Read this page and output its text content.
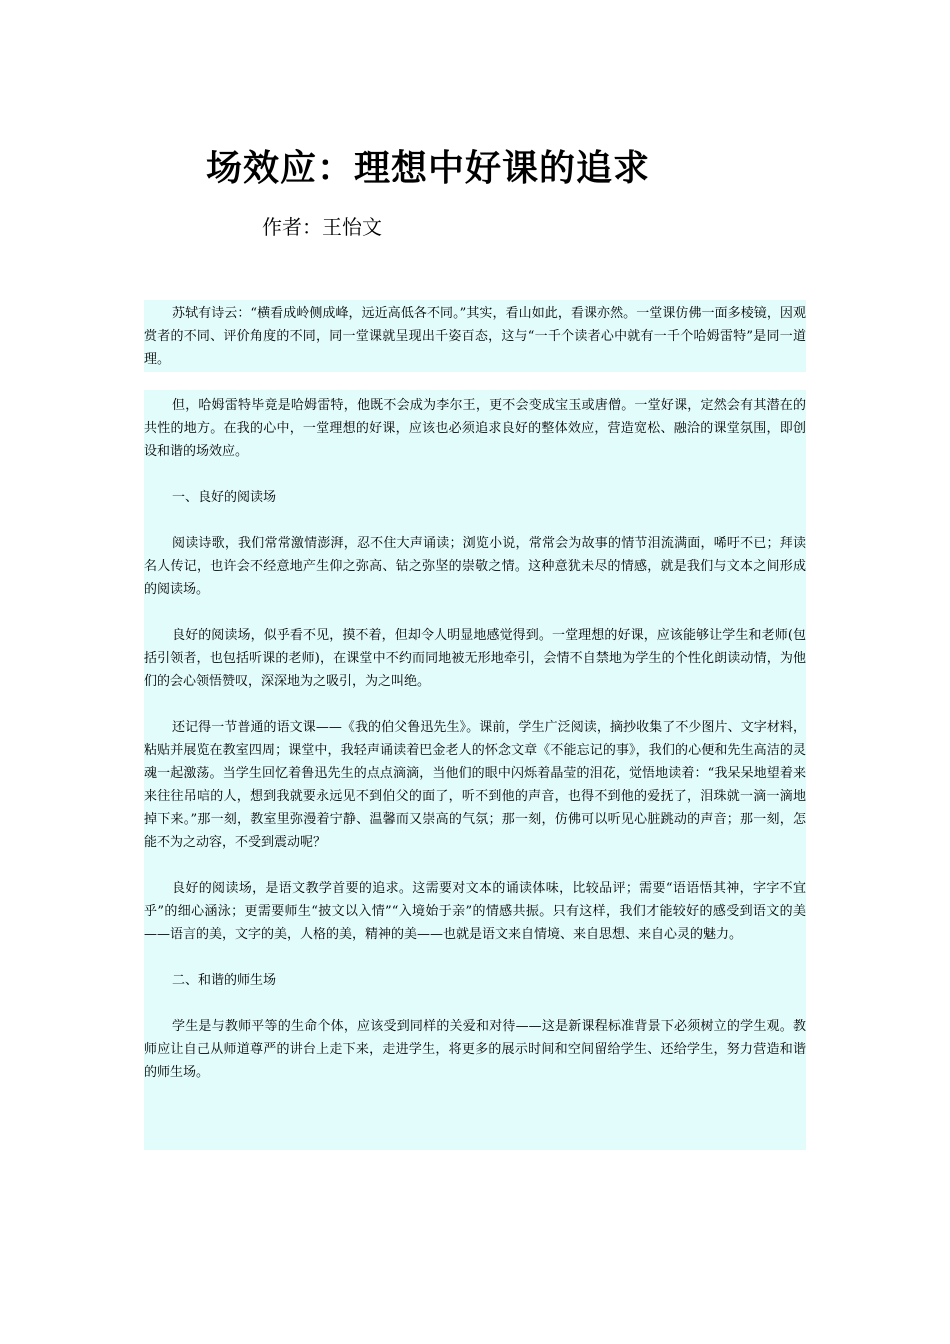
场效应：理想中好课的追求
作者：王怡文

苏轼有诗云：“横看成岭侧成峰，远近高低各不同。”其实，看山如此，看课亦然。一堂课仿佛一面多棱镜，因观赏者的不同、评价角度的不同，同一堂课就呈现出千姿百态，这与“一千个读者心中就有一千个哈姆雷特”是同一道理。

但，哈姆雷特毕竟是哈姆雷特，他既不会成为李尔王，更不会变成宝玉或唐僧。一堂好课，定然会有其潜在的共性的地方。在我的心中，一堂理想的好课，应该也必须追求良好的整体效应，营造宽松、融洽的课堂氛围，即创设和谐的场效应。

一、良好的阅读场

阅读诗歌，我们常常激情澎湃，忍不住大声诵读；浏览小说，常常会为故事的情节泪流满面，唏吁不已；拜读名人传记，也许会不经意地产生仰之弥高、钻之弥坚的崇敬之情。这种意犹未尽的情感，就是我们与文本之间形成的阅读场。

良好的阅读场，似乎看不见，摸不着，但却令人明显地感觉得到。一堂理想的好课，应该能够让学生和老师(包括引领者，也包括听课的老师)，在课堂中不约而同地被无形地牵引，会情不自禁地为学生的个性化朗读动情，为他们的会心领悟赞叹，深深地为之吸引，为之叫绝。

还记得一节普通的语文课——《我的伯父鲁迅先生》。课前，学生广泛阅读，摘抄收集了不少图片、文字材料，粘贴并展览在教室四周；课堂中，我轻声诵读着巴金老人的怀念文章《不能忘记的事》，我们的心便和先生高洁的灵魂一起激荡。当学生回忆着鲁迅先生的点点滴滴，当他们的眼中闪烁着晶莹的泪花，觉悟地读着：“我呆呆地望着来来往往吊唁的人，想到我就要永远见不到伯父的面了，听不到他的声音，也得不到他的爱抚了，泪珠就一滴一滴地掉下来。”那一刻，教室里弥漫着宁静、温馨而又崇高的气氛；那一刻，仿佛可以听见心脏跳动的声音；那一刻，怎能不为之动容，不受到震动呢？

良好的阅读场，是语文教学首要的追求。这需要对文本的诵读体味，比较品评；需要“语语悟其神，字字不宜乎”的细心涵泳；更需要师生“披文以入情”“入境始于亲”的情感共振。只有这样，我们才能较好的感受到语文的美——语言的美，文字的美，人格的美，精神的美——也就是语文来自情境、来自思想、来自心灵的魅力。

二、和谐的师生场

学生是与教师平等的生命个体，应该受到同样的关爱和对待——这是新课程标准背景下必须树立的学生观。教师应让自己从师道尊严的讲台上走下来，走进学生，将更多的展示时间和空间留给学生、还给学生，努力营造和谐的师生场。
